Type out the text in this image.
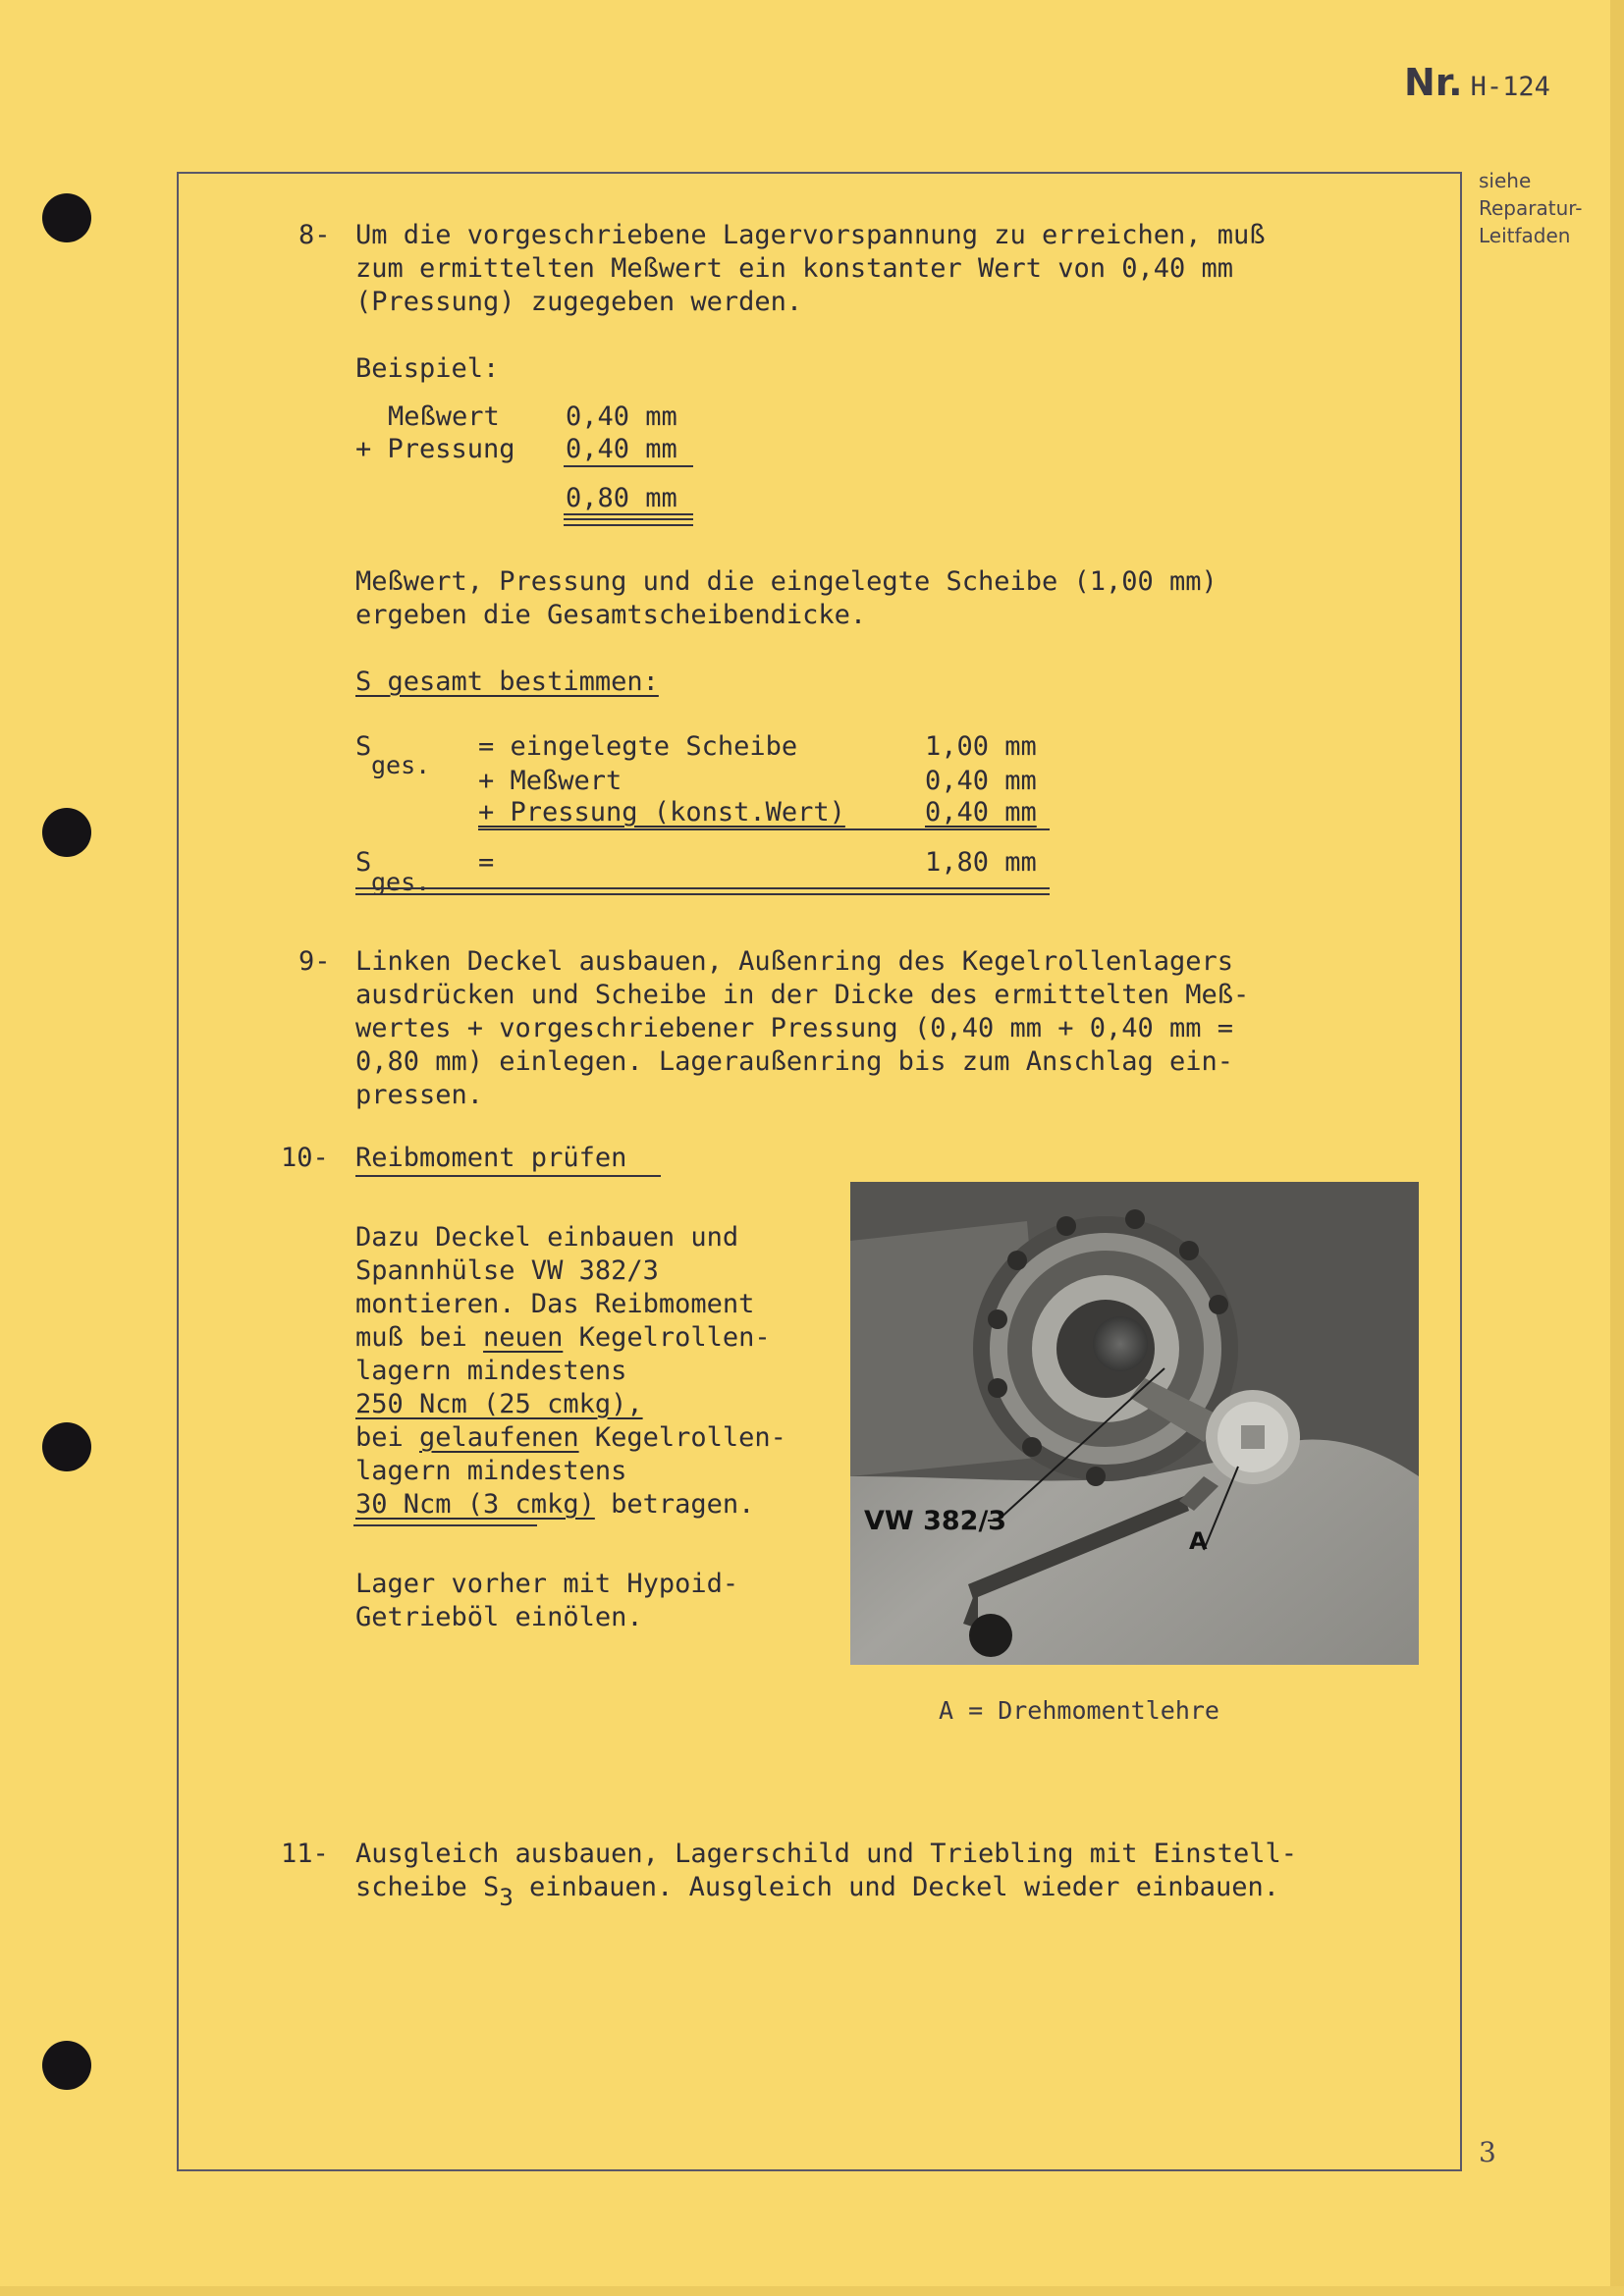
Nr. H-124
siehe
Reparatur-
Leitfaden
8- Um die vorgeschriebene Lagervorspannung zu erreichen, muß
zum ermittelten Meßwert ein konstanter Wert von 0,40 mm
(Pressung) zugegeben werden.
Beispiel:
Meßwert 0,40 mm
+ Pressung 0,40 mm
0,80 mm
Meßwert, Pressung und die eingelegte Scheibe (1,00 mm)
ergeben die Gesamtscheibendicke.
S gesamt bestimmen:
S
ges.
= eingelegte Scheibe	1,00 mm
+ Meßwert	0,40 mm
+ Pressung (konst.Wert)	0,40 mm
S
ges.
=	1,80 mm
9- Linken Deckel ausbauen, Außenring des Kegelrollenlagers
ausdrücken und Scheibe in der Dicke des ermittelten Meß-
wertes + vorgeschriebener Pressung (0,40 mm + 0,40 mm =
0,80 mm) einlegen. Lageraußenring bis zum Anschlag ein-
pressen.
10- Reibmoment prüfen
Dazu Deckel einbauen und
Spannhülse VW 382/3
montieren. Das Reibmoment
muß bei neuen Kegelrollen-
lagern mindestens
250 Ncm (25 cmkg),
bei gelaufenen Kegelrollen-
lagern mindestens
30 Ncm (3 cmkg) betragen.
Lager vorher mit Hypoid-
Getrieböl einölen.
VW 382/3
A
A = Drehmomentlehre
11- Ausgleich ausbauen, Lagerschild und Triebling mit Einstell-
scheibe S3 einbauen. Ausgleich und Deckel wieder einbauen.
3
